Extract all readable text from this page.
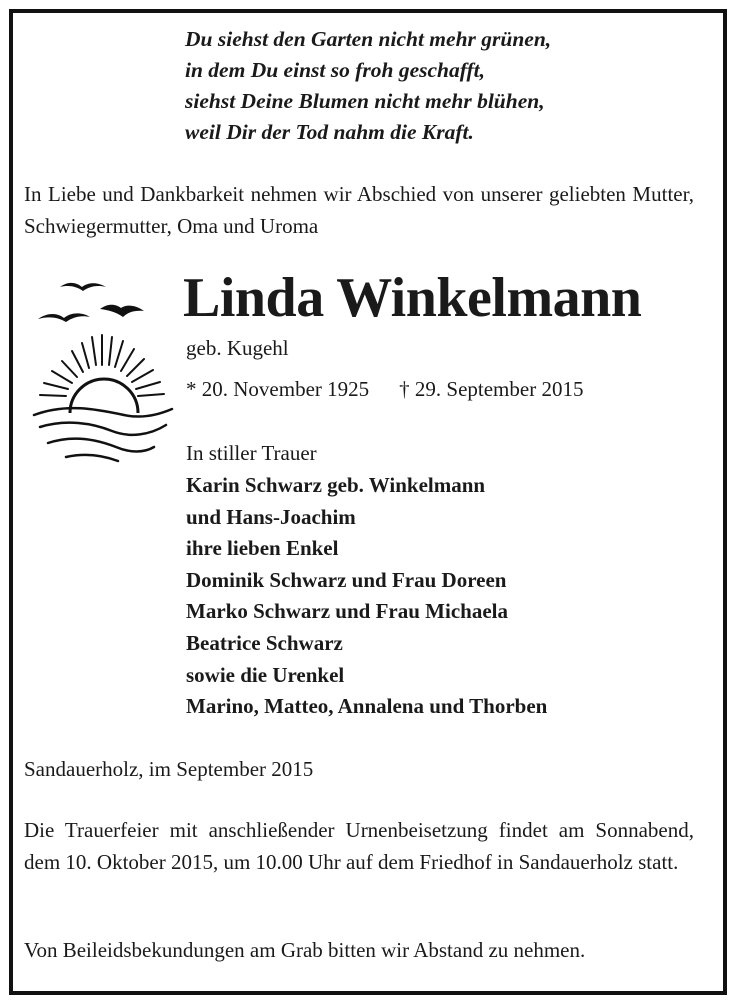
Du siehst den Garten nicht mehr grünen,
in dem Du einst so froh geschafft,
siehst Deine Blumen nicht mehr blühen,
weil Dir der Tod nahm die Kraft.
In Liebe und Dankbarkeit nehmen wir Abschied von unserer geliebten Mutter, Schwiegermutter, Oma und Uroma
Linda Winkelmann
geb. Kugehl
* 20. November 1925 † 29. September 2015
In stiller Trauer
Karin Schwarz geb. Winkelmann
und Hans-Joachim
ihre lieben Enkel
Dominik Schwarz und Frau Doreen
Marko Schwarz und Frau Michaela
Beatrice Schwarz
sowie die Urenkel
Marino, Matteo, Annalena und Thorben
Sandauerholz, im September 2015
Die Trauerfeier mit anschließender Urnenbeisetzung findet am Sonnabend, dem 10. Oktober 2015, um 10.00 Uhr auf dem Friedhof in Sandauerholz statt.
Von Beileidsbekundungen am Grab bitten wir Abstand zu nehmen.
